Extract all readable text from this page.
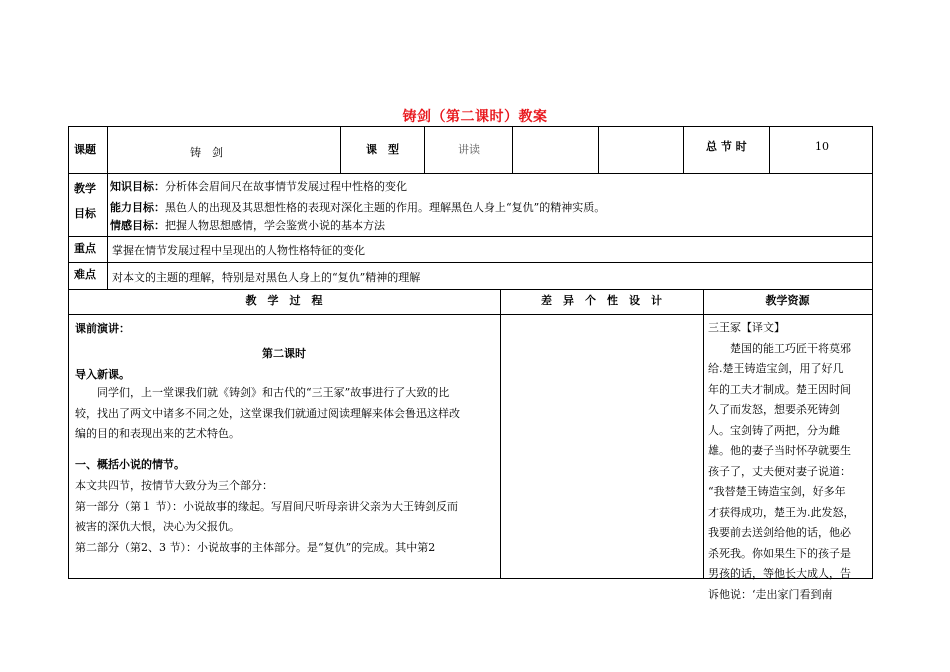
铸剑（第二课时）教案
课题	铸　剑	课　型	讲读	总 节 时	10
教学
目标
知识目标：分析体会眉间尺在故事情节发展过程中性格的变化
能力目标：黑色人的出现及其思想性格的表现对深化主题的作用。理解黑色人身上“复仇”的精神实质。
情感目标：把握人物思想感情，学会鉴赏小说的基本方法
重点 掌握在情节发展过程中呈现出的人物性格特征的变化
难点 对本文的主题的理解，特别是对黑色人身上的“复仇”精神的理解
教　学　过　程	差　异　个　性　设　计	教学资源
课前演讲：
第二课时
导入新课。
同学们，上一堂课我们就《铸剑》和古代的“三王冢”故事进行了大致的比
较，找出了两文中诸多不同之处，这堂课我们就通过阅读理解来体会鲁迅这样改
编的目的和表现出来的艺术特色。
一、概括小说的情节。
本文共四节，按情节大致分为三个部分：
第一部分（第１ 节）：小说故事的缘起。写眉间尺听母亲讲父亲为大王铸剑反而
被害的深仇大恨，决心为父报仇。
第二部分（第2、3 节）：小说故事的主体部分。是“复仇”的完成。其中第2
三王冢【译文】
　　楚国的能工巧匠干将莫邪
给.楚王铸造宝剑，用了好几
年的工夫才制成。楚王因时间
久了而发怒，想要杀死铸剑
人。宝剑铸了两把，分为雌
雄。他的妻子当时怀孕就要生
孩子了，丈夫便对妻子说道：
“我替楚王铸造宝剑，好多年
才获得成功，楚王为.此发怒，
我要前去送剑给他的话，他必
杀死我。你如果生下的孩子是
男孩的话，等他长大成人，告
诉他说：‘走出家门看到南
